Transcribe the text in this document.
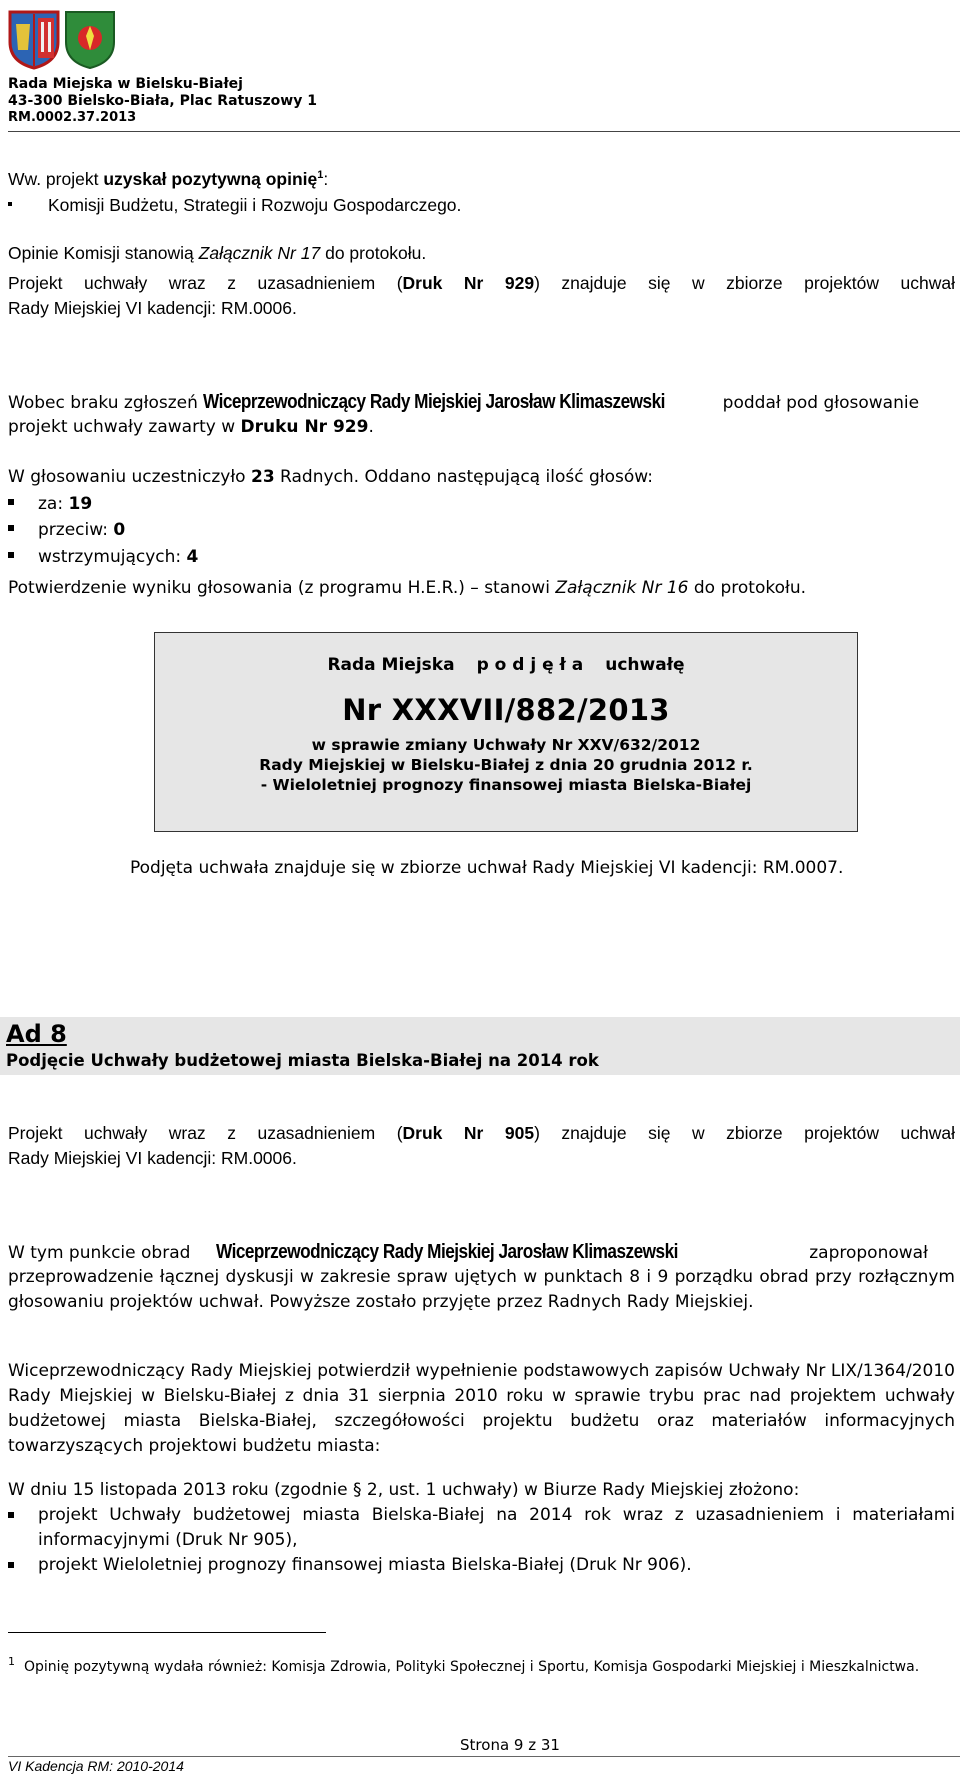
Rada Miejska w Bielsku-Białej
43-300 Bielsko-Biała, Plac Ratuszowy 1
RM.0002.37.2013
Ww. projekt uzyskał pozytywną opinię$^1$:
Komisji Budżetu, Strategii i Rozwoju Gospodarczego.
Opinie Komisji stanowią Załącznik Nr 17 do protokołu.
Projekt uchwały wraz z uzasadnieniem (Druk Nr 929) znajduje się w zbiorze projektów uchwał
Rady Miejskiej VI kadencji: RM.0006.
Wobec braku zgłoszeń Wiceprzewodniczący Rady Miejskiej Jarosław Klimaszewski	poddał pod głosowanie
projekt uchwały zawarty w Druku Nr 929.
W głosowaniu uczestniczyło 23 Radnych. Oddano następującą ilość głosów:
za: 19
przeciw: 0
wstrzymujących: 4
Potwierdzenie wyniku głosowania (z programu H.E.R.) – stanowi Załącznik Nr 16 do protokołu.
Rada Miejska p o d j ę ł a uchwałę
Nr XXXVII/882/2013
w sprawie zmiany Uchwały Nr XXV/632/2012
Rady Miejskiej w Bielsku-Białej z dnia 20 grudnia 2012 r.
- Wieloletniej prognozy finansowej miasta Bielska-Białej
Podjęta uchwała znajduje się w zbiorze uchwał Rady Miejskiej VI kadencji: RM.0007.
Ad 8
Podjęcie Uchwały budżetowej miasta Bielska-Białej na 2014 rok
Projekt uchwały wraz z uzasadnieniem (Druk Nr 905) znajduje się w zbiorze projektów uchwał
Rady Miejskiej VI kadencji: RM.0006.
W tym punkcie obrad Wiceprzewodniczący Rady Miejskiej Jarosław Klimaszewski	zaproponował
przeprowadzenie łącznej dyskusji w zakresie spraw ujętych w punktach 8 i 9 porządku obrad przy rozłącznym głosowaniu projektów uchwał. Powyższe zostało przyjęte przez Radnych Rady Miejskiej.
Wiceprzewodniczący Rady Miejskiej potwierdził wypełnienie podstawowych zapisów Uchwały Nr LIX/1364/2010 Rady Miejskiej w Bielsku-Białej z dnia 31 sierpnia 2010 roku w sprawie trybu prac nad projektem uchwały budżetowej miasta Bielska-Białej, szczegółowości projektu budżetu oraz materiałów informacyjnych towarzyszących projektowi budżetu miasta:
W dniu 15 listopada 2013 roku (zgodnie § 2, ust. 1 uchwały) w Biurze Rady Miejskiej złożono:
projekt Uchwały budżetowej miasta Bielska-Białej na 2014 rok wraz z uzasadnieniem i materiałami informacyjnymi (Druk Nr 905),
projekt Wieloletniej prognozy finansowej miasta Bielska-Białej (Druk Nr 906).
1 Opinię pozytywną wydała również: Komisja Zdrowia, Polityki Społecznej i Sportu, Komisja Gospodarki Miejskiej i Mieszkalnictwa.
Strona 9 z 31
VI Kadencja RM: 2010-2014
